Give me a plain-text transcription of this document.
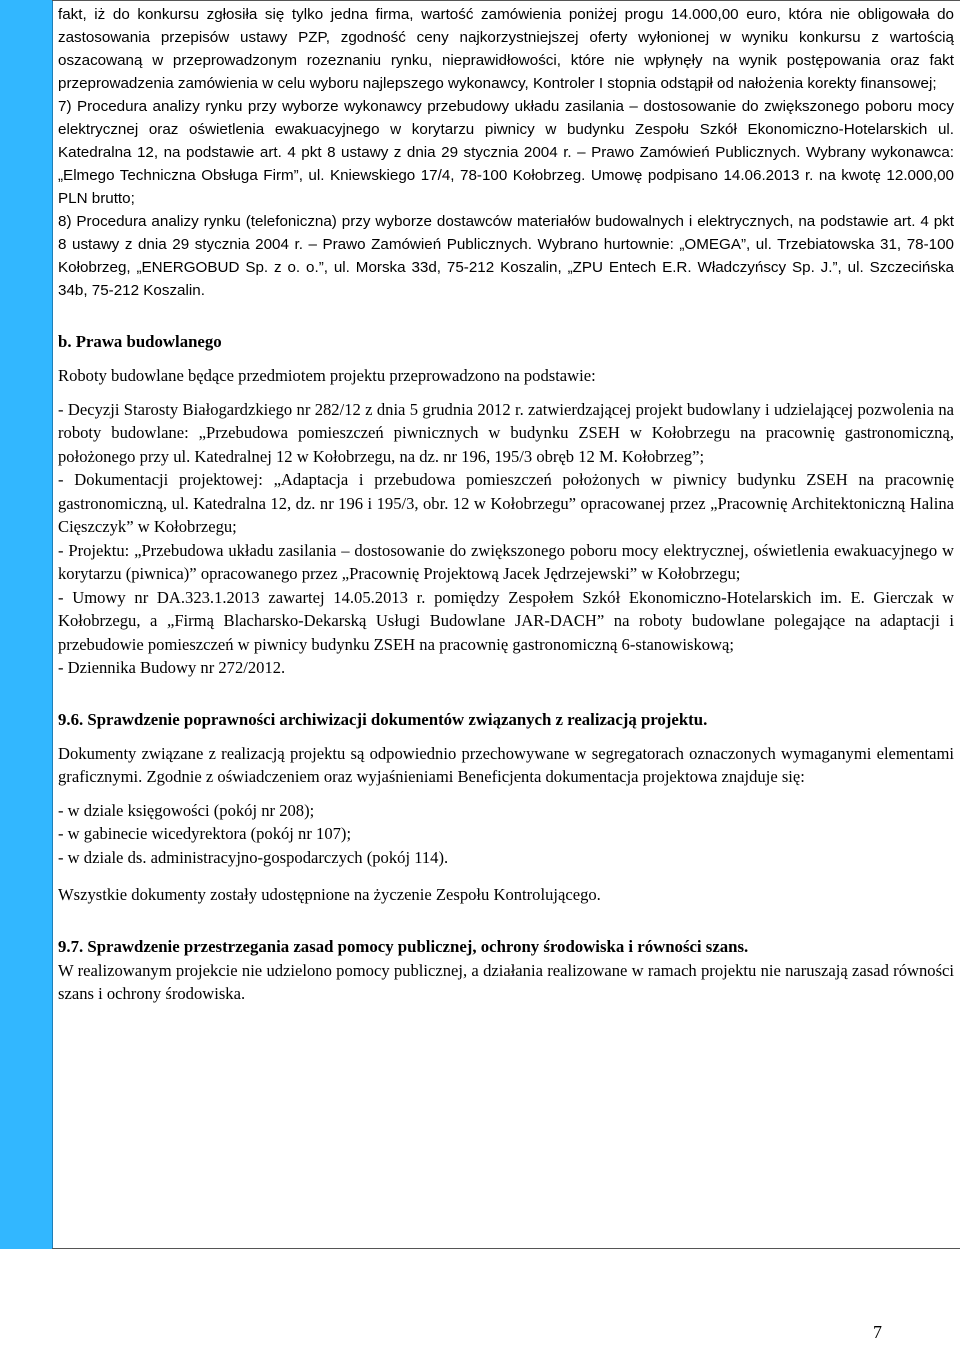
fakt, iż do konkursu zgłosiła się tylko jedna firma, wartość zamówienia poniżej progu 14.000,00 euro, która nie obligowała do zastosowania przepisów ustawy PZP, zgodność ceny najkorzystniejszej oferty wyłonionej w wyniku konkursu z wartością oszacowaną w przeprowadzonym rozeznaniu rynku, nieprawidłowości, które nie wpłynęły na wynik postępowania oraz fakt przeprowadzenia zamówienia w celu wyboru najlepszego wykonawcy, Kontroler I stopnia odstąpił od nałożenia korekty finansowej;

7) Procedura analizy rynku przy wyborze wykonawcy przebudowy układu zasilania – dostosowanie do zwiększonego poboru mocy elektrycznej oraz oświetlenia ewakuacyjnego w korytarzu piwnicy w budynku Zespołu Szkół Ekonomiczno-Hotelarskich ul. Katedralna 12, na podstawie art. 4 pkt 8 ustawy z dnia 29 stycznia 2004 r. – Prawo Zamówień Publicznych. Wybrany wykonawca: „Elmego Techniczna Obsługa Firm”, ul. Kniewskiego 17/4, 78-100 Kołobrzeg. Umowę podpisano 14.06.2013 r. na kwotę 12.000,00 PLN brutto;

8) Procedura analizy rynku (telefoniczna) przy wyborze dostawców materiałów budowalnych i elektrycznych, na podstawie art. 4 pkt 8 ustawy z dnia 29 stycznia 2004 r. – Prawo Zamówień Publicznych. Wybrano hurtownie: „OMEGA”, ul. Trzebiatowska 31, 78-100 Kołobrzeg, „ENERGOBUD Sp. z o. o.”, ul. Morska 33d, 75-212 Koszalin, „ZPU Entech E.R. Władczyńscy Sp. J.”, ul. Szczecińska 34b, 75-212 Koszalin.

b. Prawa budowlanego

Roboty budowlane będące przedmiotem projektu przeprowadzono na podstawie:

- Decyzji Starosty Białogardzkiego nr 282/12 z dnia 5 grudnia 2012 r. zatwierdzającej projekt budowlany i udzielającej pozwolenia na roboty budowlane: „Przebudowa pomieszczeń piwnicznych w budynku ZSEH w Kołobrzegu na pracownię gastronomiczną, położonego przy ul. Katedralnej 12 w Kołobrzegu, na dz. nr 196, 195/3 obręb 12 M. Kołobrzeg”;

- Dokumentacji projektowej: „Adaptacja i przebudowa pomieszczeń położonych w piwnicy budynku ZSEH na pracownię gastronomiczną, ul. Katedralna 12, dz. nr 196 i 195/3, obr. 12 w Kołobrzegu” opracowanej przez „Pracownię Architektoniczną Halina Cięszczyk” w Kołobrzegu;

- Projektu: „Przebudowa układu zasilania – dostosowanie do zwiększonego poboru mocy elektrycznej, oświetlenia ewakuacyjnego w korytarzu (piwnica)” opracowanego przez „Pracownię Projektową Jacek Jędrzejewski” w Kołobrzegu;

- Umowy nr DA.323.1.2013 zawartej 14.05.2013 r. pomiędzy Zespołem Szkół Ekonomiczno-Hotelarskich im. E. Gierczak w Kołobrzegu, a „Firmą Blacharsko-Dekarską Usługi Budowlane JAR-DACH” na roboty budowlane polegające na adaptacji i przebudowie pomieszczeń w piwnicy budynku ZSEH na pracownię gastronomiczną 6-stanowiskową;

- Dziennika Budowy nr 272/2012.

9.6. Sprawdzenie poprawności archiwizacji dokumentów związanych z realizacją projektu.

Dokumenty związane z realizacją projektu są odpowiednio przechowywane w segregatorach oznaczonych wymaganymi elementami graficznymi. Zgodnie z oświadczeniem oraz wyjaśnieniami Beneficjenta dokumentacja projektowa znajduje się:

- w dziale księgowości (pokój nr 208);

- w gabinecie wicedyrektora (pokój nr 107);

- w dziale ds. administracyjno-gospodarczych (pokój 114).

Wszystkie dokumenty zostały udostępnione na życzenie Zespołu Kontrolującego.

9.7. Sprawdzenie przestrzegania zasad pomocy publicznej, ochrony środowiska i równości szans.

W realizowanym projekcie nie udzielono pomocy publicznej, a działania realizowane w ramach projektu nie naruszają zasad równości szans i ochrony środowiska.

7
